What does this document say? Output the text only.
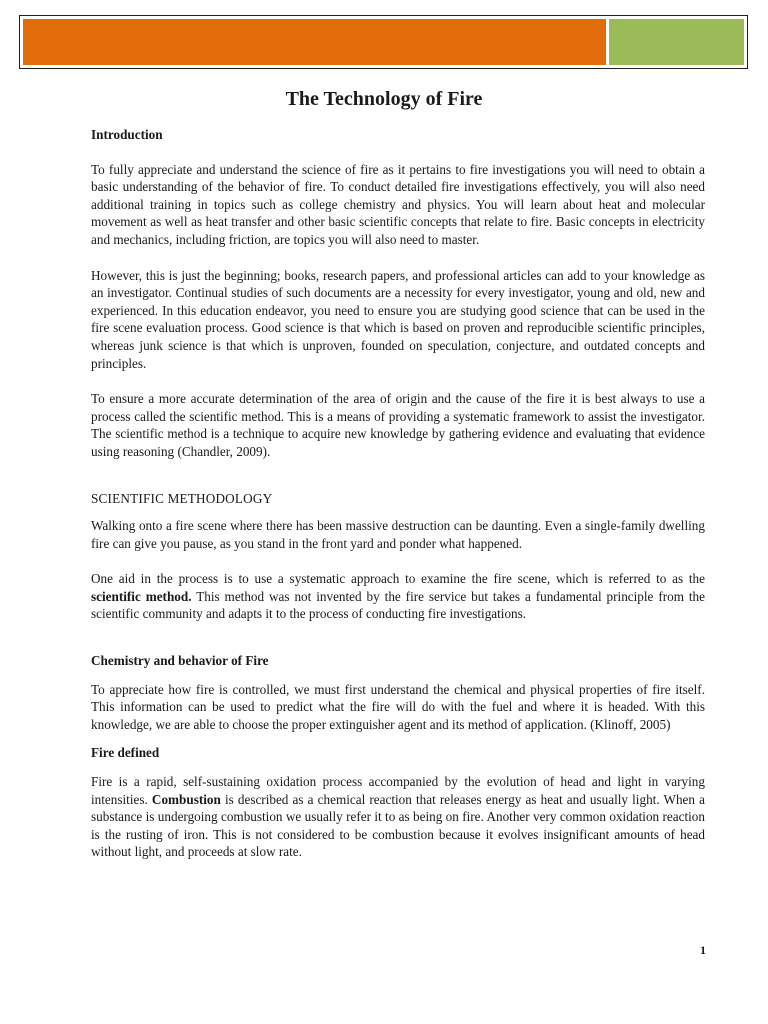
The Technology of Fire
Introduction

To fully appreciate and understand the science of fire as it pertains to fire investigations you will need to obtain a basic understanding of the behavior of fire. To conduct detailed fire investigations effectively, you will also need additional training in topics such as college chemistry and physics. You will learn about heat and molecular movement as well as heat transfer and other basic scientific concepts that relate to fire. Basic concepts in electricity and mechanics, including friction, are topics you will also need to master.

However, this is just the beginning; books, research papers, and professional articles can add to your knowledge as an investigator. Continual studies of such documents are a necessity for every investigator, young and old, new and experienced. In this education endeavor, you need to ensure you are studying good science that can be used in the fire scene evaluation process. Good science is that which is based on proven and reproducible scientific principles, whereas junk science is that which is unproven, founded on speculation, conjecture, and outdated concepts and principles.

To ensure a more accurate determination of the area of origin and the cause of the fire it is best always to use a process called the scientific method. This is a means of providing a systematic framework to assist the investigator. The scientific method is a technique to acquire new knowledge by gathering evidence and evaluating that evidence using reasoning (Chandler, 2009).

SCIENTIFIC METHODOLOGY

Walking onto a fire scene where there has been massive destruction can be daunting. Even a single-family dwelling fire can give you pause, as you stand in the front yard and ponder what happened.

One aid in the process is to use a systematic approach to examine the fire scene, which is referred to as the scientific method. This method was not invented by the fire service but takes a fundamental principle from the scientific community and adapts it to the process of conducting fire investigations.

Chemistry and behavior of Fire

To appreciate how fire is controlled, we must first understand the chemical and physical properties of fire itself. This information can be used to predict what the fire will do with the fuel and where it is headed. With this knowledge, we are able to choose the proper extinguisher agent and its method of application. (Klinoff, 2005)

Fire defined

Fire is a rapid, self-sustaining oxidation process accompanied by the evolution of head and light in varying intensities. Combustion is described as a chemical reaction that releases energy as heat and usually light. When a substance is undergoing combustion we usually refer it to as being on fire. Another very common oxidation reaction is the rusting of iron. This is not considered to be combustion because it evolves insignificant amounts of head without light, and proceeds at slow rate.

1
